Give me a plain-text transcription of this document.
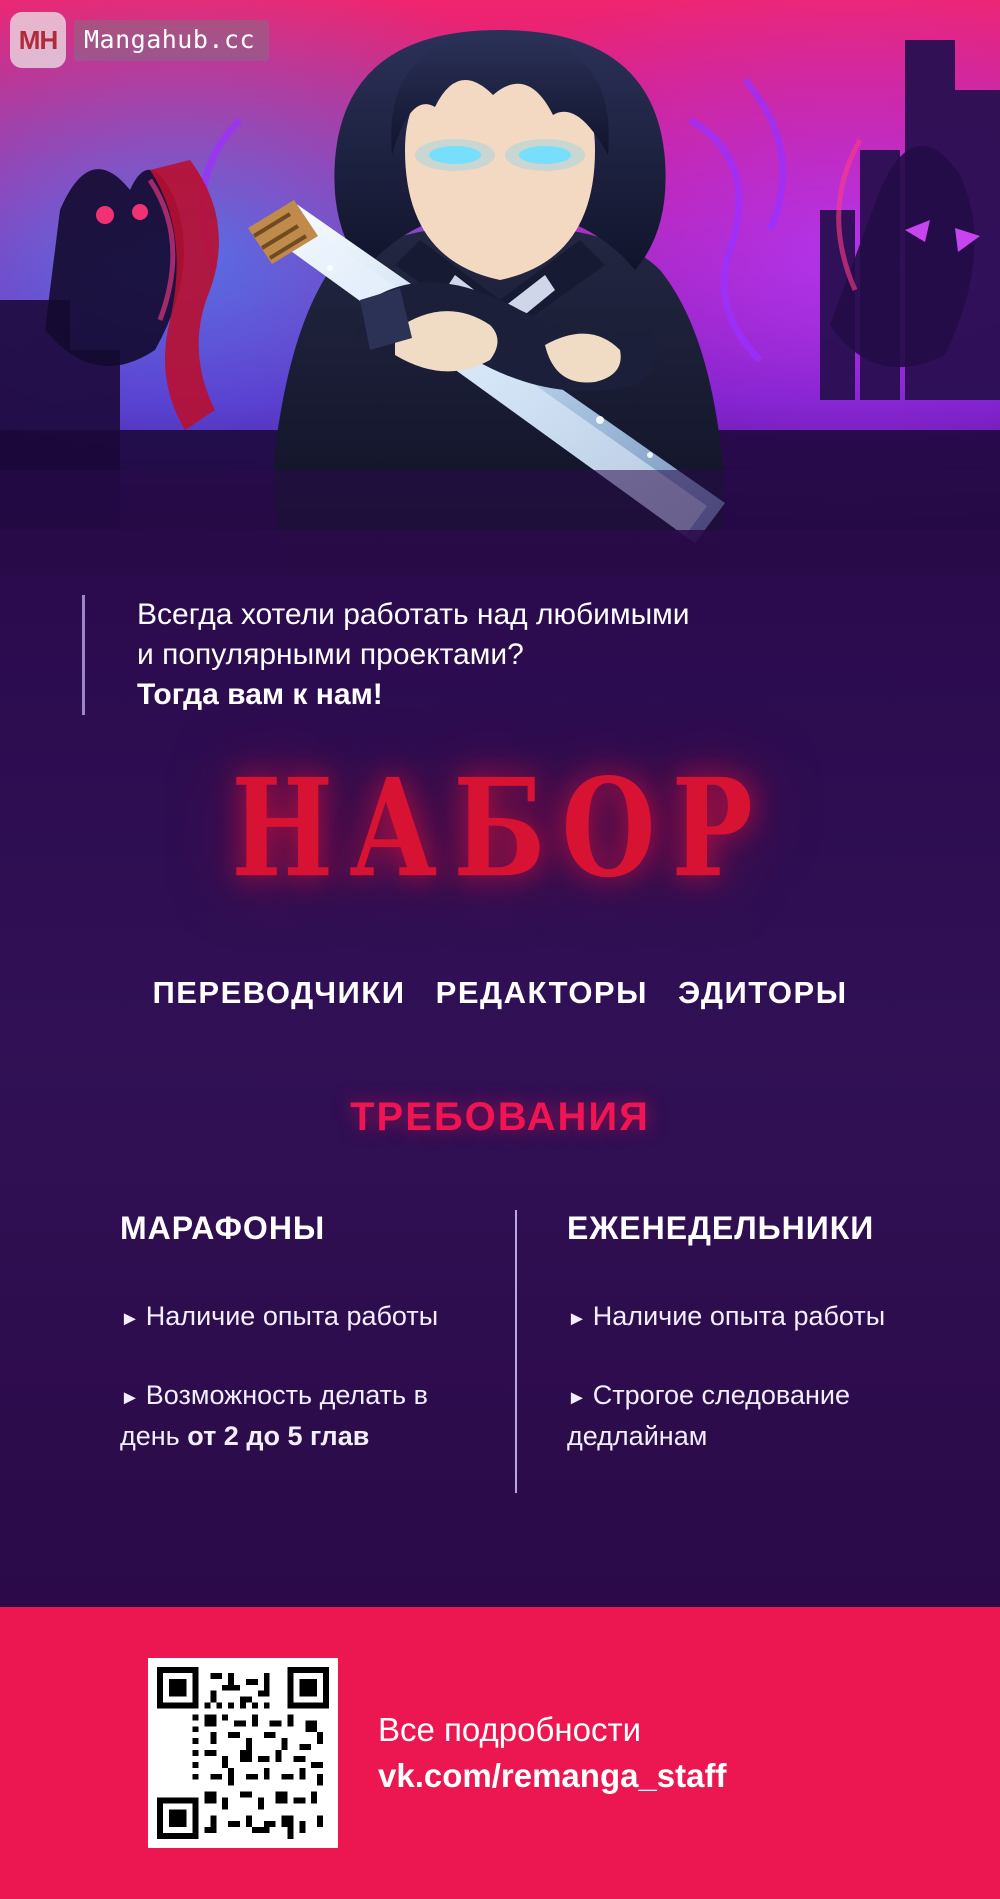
MH	Mangahub.cc
Всегда хотели работать над любимыми
и популярными проектами?
Тогда вам к нам!
НАБОР
ПЕРЕВОДЧИКИ РЕДАКТОРЫ ЭДИТОРЫ
ТРЕБОВАНИЯ
МАРАФОНЫ
► Наличие опыта работы
► Возможность делать в день от 2 до 5 глав
ЕЖЕНЕДЕЛЬНИКИ
► Наличие опыта работы
► Строгое следование дедлайнам
Все подробности
vk.com/remanga_staff
